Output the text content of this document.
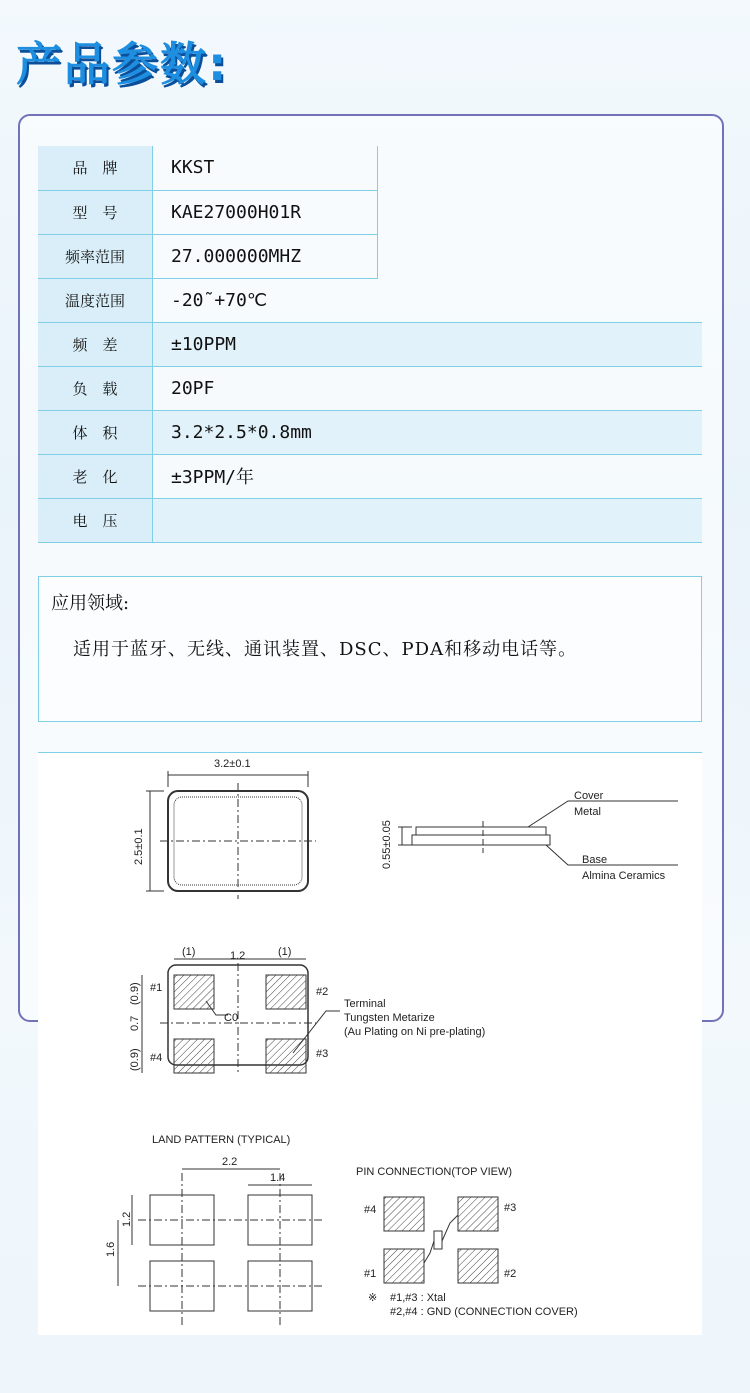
产品参数:
品　牌	KKST	
型　号	KAE27000H01R	
频率范围	27.000000MHZ	
温度范围	-20˜+70℃	
频　差	±10PPM	
负　载	20PF	
体　积	3.2*2.5*0.8mm	
老　化	±3PPM/年	
电　压		
应用领域:
适用于蓝牙、无线、通讯装置、DSC、PDA和移动电话等。
3.2±0.1
2.5±0.1	0.55±0.05
Cover
Metal
Base
Almina Ceramics
(1)	1.2	(1)
(0.9)
0.7
(0.9)
#1	#2
#3
#4
C0
Terminal
Tungsten Metarize
(Au Plating on Ni pre-plating)
LAND PATTERN (TYPICAL)
2.2
1.4
1.2
1.6
PIN CONNECTION(TOP VIEW)
#4	#3
#1	#2
※ #1,#3 : Xtal
#2,#4 : GND (CONNECTION COVER)
